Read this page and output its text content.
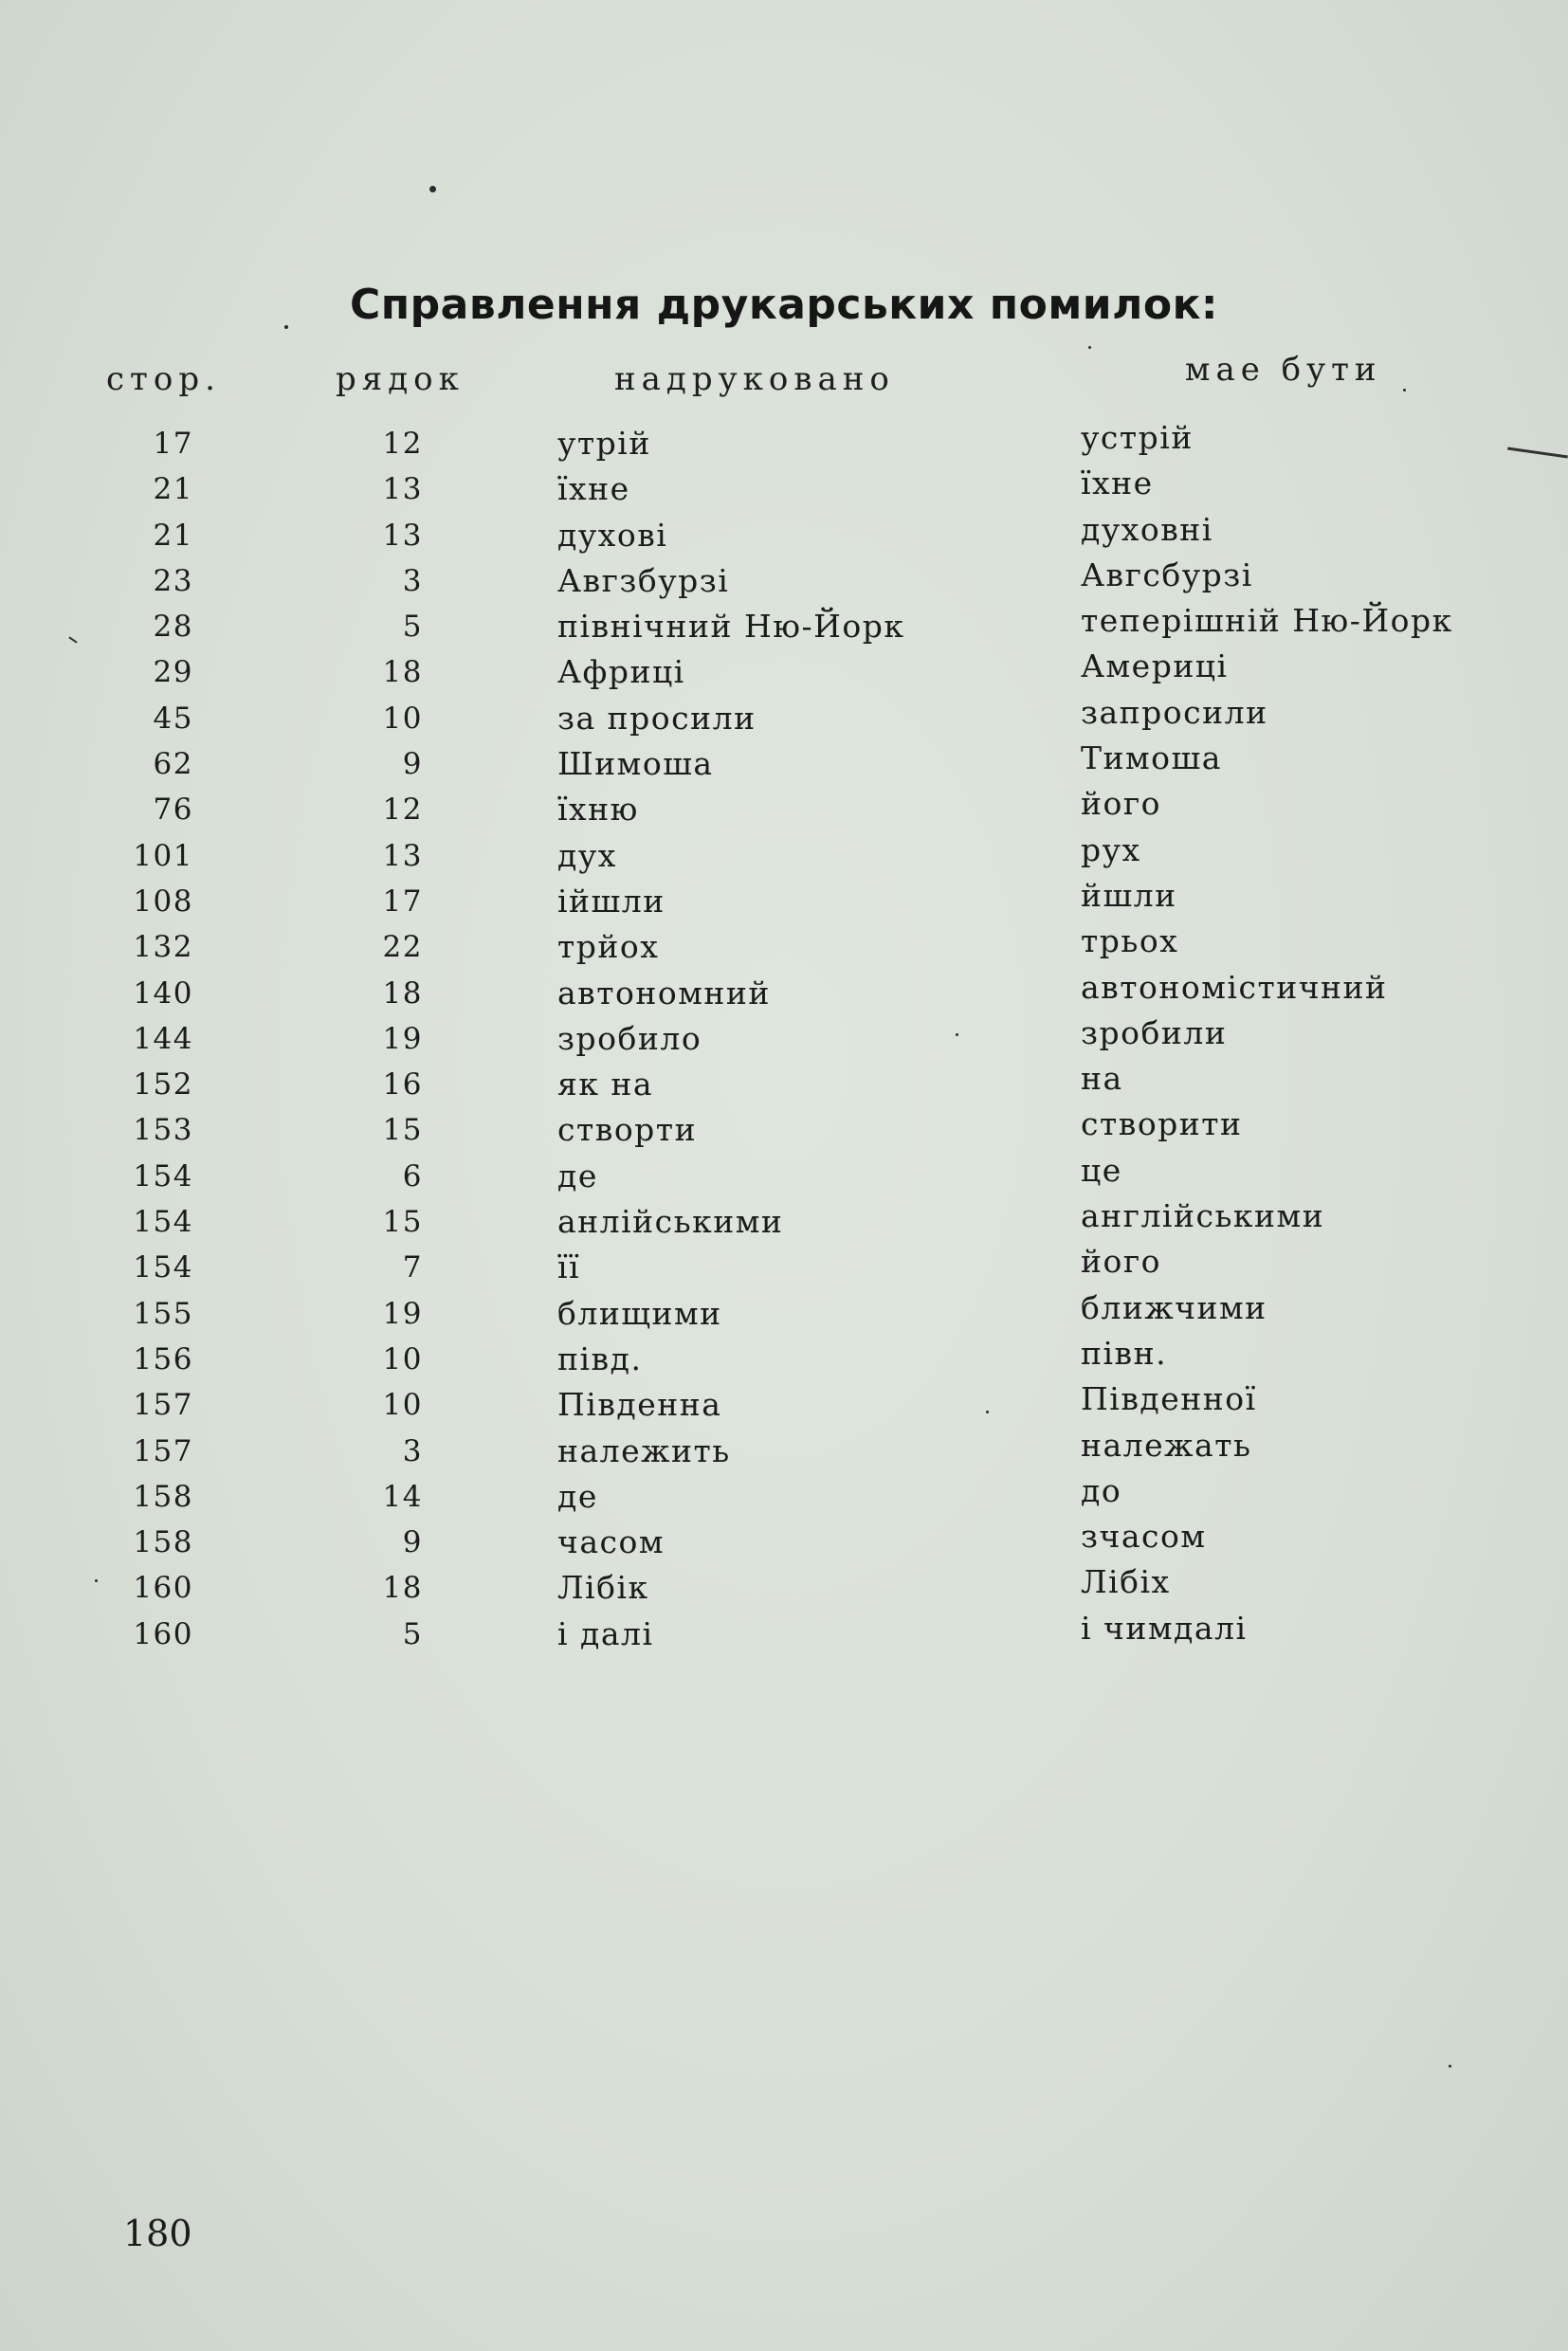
Справлення друкарських помилок:
стор.	рядок	надруковано	мае бути
17	12	утрій	устрій
21	13	їхне	їхне
21	13	духові	духовні
23	3	Авгзбурзі	Авгсбурзі
28	5	північний Ню-Йорк	теперішній Ню-Йорк
29	18	Африці	Америці
45	10	за просили	запросили
62	9	Шимоша	Тимоша
76	12	їхню	його
101	13	дух	рух
108	17	ійшли	йшли
132	22	трйох	трьох
140	18	автономний	автономістичний
144	19	зробило	зробили
152	16	як на	на
153	15	створти	створити
154	6	де	це
154	15	анлійськими	англійськими
154	7	її	його
155	19	блищими	ближчими
156	10	півд.	півн.
157	10	Південна	Південної
157	3	належить	належать
158	14	де	до
158	9	часом	зчасом
160	18	Лібік	Лібіх
160	5	і далі	і чимдалі
180
